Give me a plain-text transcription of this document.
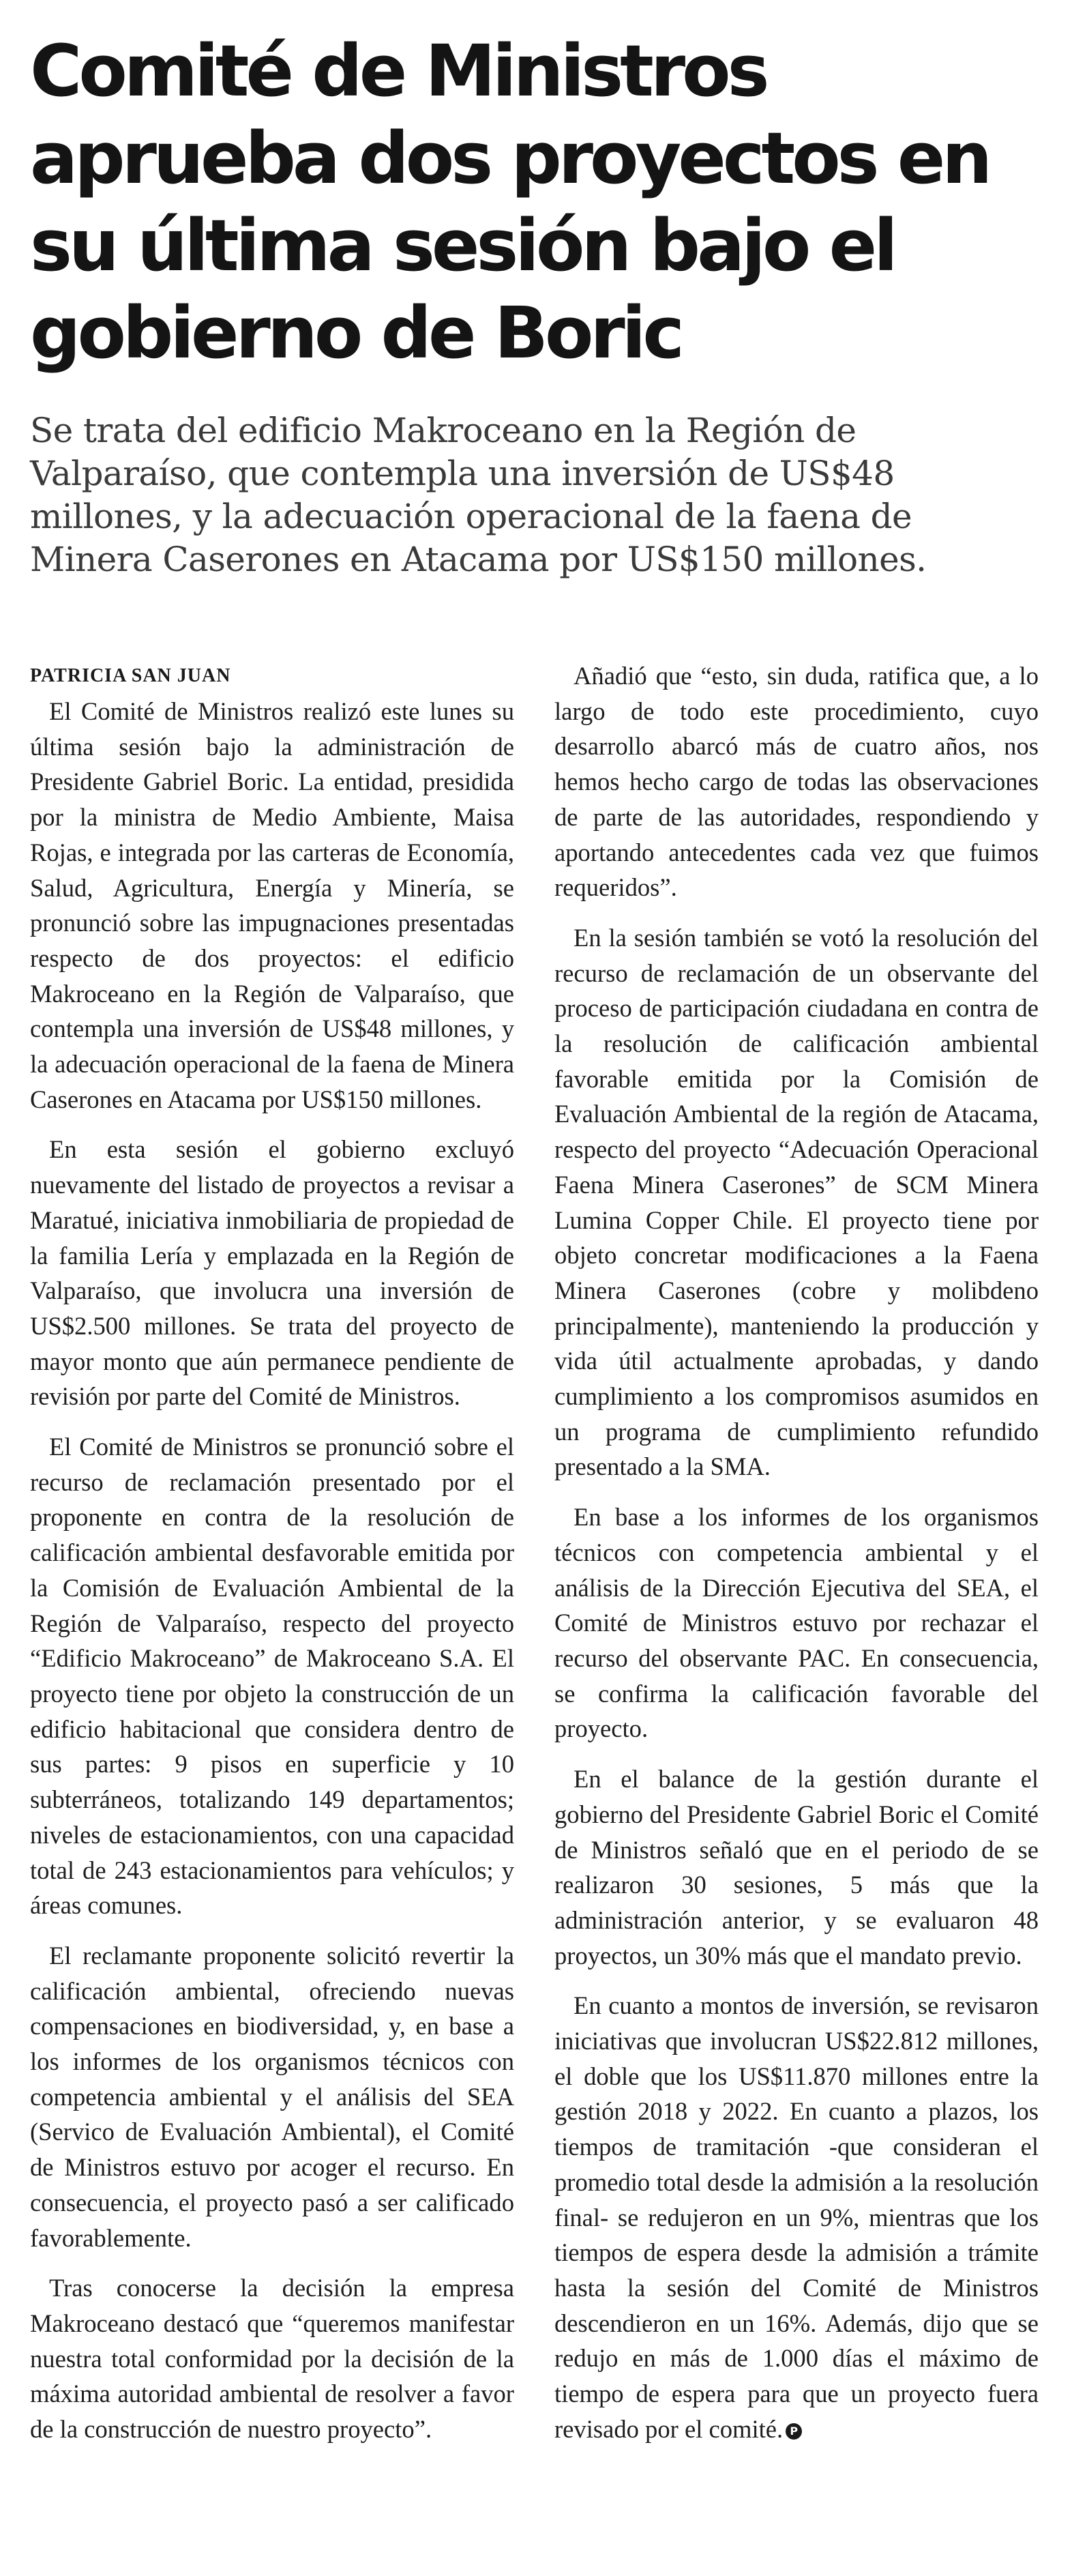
Comité de Ministros
aprueba dos proyectos en
su última sesión bajo el
gobierno de Boric

Se trata del edificio Makroceano en la Región de
Valparaíso, que contempla una inversión de US$48
millones, y la adecuación operacional de la faena de
Minera Caserones en Atacama por US$150 millones.

PATRICIA SAN JUAN

El Comité de Ministros realizó este lunes su última sesión bajo la administración de Presidente Gabriel Boric. La entidad, presidida por la ministra de Medio Ambiente, Maisa Rojas, e integrada por las carteras de Economía, Salud, Agricultura, Energía y Minería, se pronunció sobre las impugnaciones presentadas respecto de dos proyectos: el edificio Makroceano en la Región de Valparaíso, que contempla una inversión de US$48 millones, y la adecuación operacional de la faena de Minera Caserones en Atacama por US$150 millones.

En esta sesión el gobierno excluyó nuevamente del listado de proyectos a revisar a Maratué, iniciativa inmobiliaria de propiedad de la familia Lería y emplazada en la Región de Valparaíso, que involucra una inversión de US$2.500 millones. Se trata del proyecto de mayor monto que aún permanece pendiente de revisión por parte del Comité de Ministros.

El Comité de Ministros se pronunció sobre el recurso de reclamación presentado por el proponente en contra de la resolución de calificación ambiental desfavorable emitida por la Comisión de Evaluación Ambiental de la Región de Valparaíso, respecto del proyecto “Edificio Makroceano” de Makroceano S.A. El proyecto tiene por objeto la construcción de un edificio habitacional que considera dentro de sus partes: 9 pisos en superficie y 10 subterráneos, totalizando 149 departamentos; niveles de estacionamientos, con una capacidad total de 243 estacionamientos para vehículos; y áreas comunes.

El reclamante proponente solicitó revertir la calificación ambiental, ofreciendo nuevas compensaciones en biodiversidad, y, en base a los informes de los organismos técnicos con competencia ambiental y el análisis del SEA (Servico de Evaluación Ambiental), el Comité de Ministros estuvo por acoger el recurso. En consecuencia, el proyecto pasó a ser calificado favorablemente.

Tras conocerse la decisión la empresa Makroceano destacó que “queremos manifestar nuestra total conformidad por la decisión de la máxima autoridad ambiental de resolver a favor de la construcción de nuestro proyecto”.

Añadió que “esto, sin duda, ratifica que, a lo largo de todo este procedimiento, cuyo desarrollo abarcó más de cuatro años, nos hemos hecho cargo de todas las observaciones de parte de las autoridades, respondiendo y aportando antecedentes cada vez que fuimos requeridos”.

En la sesión también se votó la resolución del recurso de reclamación de un observante del proceso de participación ciudadana en contra de la resolución de calificación ambiental favorable emitida por la Comisión de Evaluación Ambiental de la región de Atacama, respecto del proyecto “Adecuación Operacional Faena Minera Caserones” de SCM Minera Lumina Copper Chile. El proyecto tiene por objeto concretar modificaciones a la Faena Minera Caserones (cobre y molibdeno principalmente), manteniendo la producción y vida útil actualmente aprobadas, y dando cumplimiento a los compromisos asumidos en un programa de cumplimiento refundido presentado a la SMA.

En base a los informes de los organismos técnicos con competencia ambiental y el análisis de la Dirección Ejecutiva del SEA, el Comité de Ministros estuvo por rechazar el recurso del observante PAC. En consecuencia, se confirma la calificación favorable del proyecto.

En el balance de la gestión durante el gobierno del Presidente Gabriel Boric el Comité de Ministros señaló que en el periodo de se realizaron 30 sesiones, 5 más que la administración anterior, y se evaluaron 48 proyectos, un 30% más que el mandato previo.

En cuanto a montos de inversión, se revisaron iniciativas que involucran US$22.812 millones, el doble que los US$11.870 millones entre la gestión 2018 y 2022. En cuanto a plazos, los tiempos de tramitación -que consideran el promedio total desde la admisión a la resolución final- se redujeron en un 9%, mientras que los tiempos de espera desde la admisión a trámite hasta la sesión del Comité de Ministros descendieron en un 16%. Además, dijo que se redujo en más de 1.000 días el máximo de tiempo de espera para que un proyecto fuera revisado por el comité. P
